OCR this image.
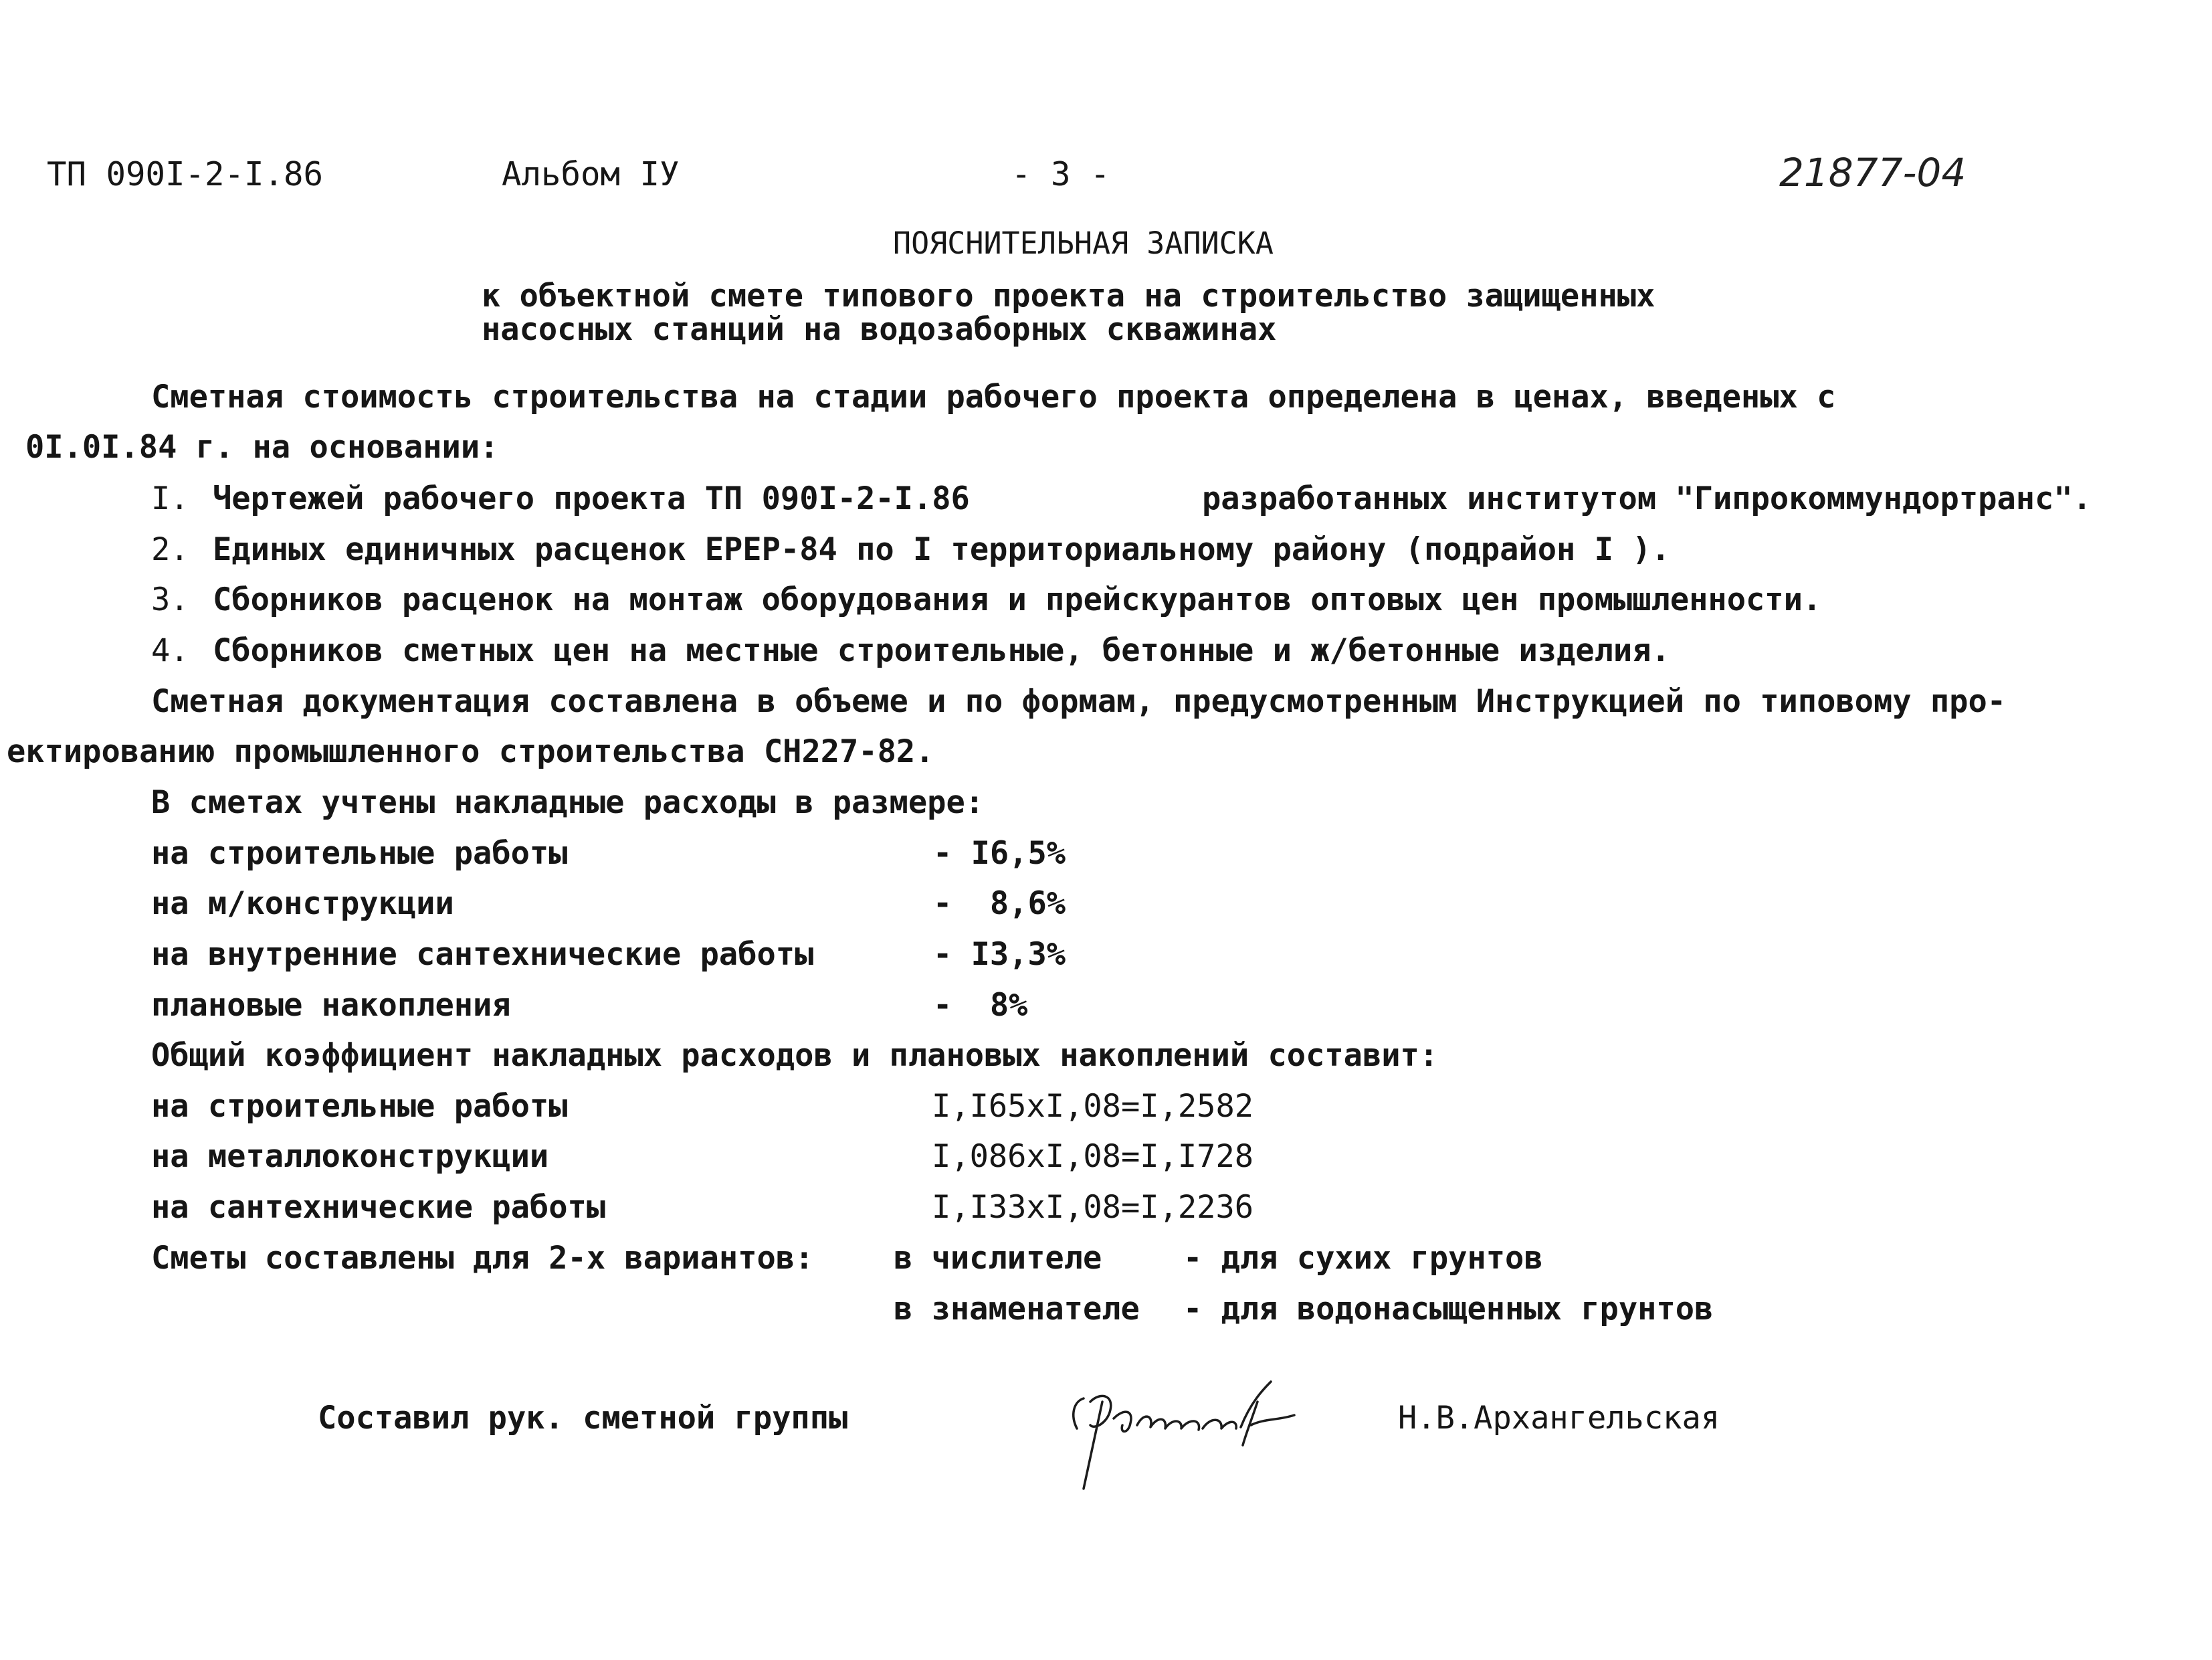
ТП 090I-2-I.86	Альбом IУ	- 3 -	21877-04
ПОЯСНИТЕЛЬНАЯ ЗАПИСКА
к объектной смете типового проекта на строительство защищенных
насосных станций на водозаборных скважинах
Сметная стоимость строительства на стадии рабочего проекта определена в ценах, введеных с
0I.0I.84 г. на основании:
I. Чертежей рабочего проекта ТП 090I-2-I.86	разработанных институтом "Гипрокоммундортранс".
2. Единых единичных расценок ЕРЕР-84 по I территориальному району (подрайон I ).
3. Сборников расценок на монтаж оборудования и прейскурантов оптовых цен промышленности.
4. Сборников сметных цен на местные строительные, бетонные и ж/бетонные изделия.
Сметная документация составлена в объеме и по формам, предусмотренным Инструкцией по типовому про-
ектированию промышленного строительства СН227-82.
В сметах учтены накладные расходы в размере:
на строительные работы	- I6,5%
на м/конструкции	-  8,6%
на внутренние сантехнические работы	- I3,3%
плановые накопления	-  8%
Общий коэффициент накладных расходов и плановых накоплений составит:
на строительные работы	I,I65хI,08=I,2582
на металлоконструкции	I,086хI,08=I,I728
на сантехнические работы	I,I33хI,08=I,2236
Сметы составлены для 2-х вариантов:	в числителе	- для сухих грунтов
в знаменателе - для водонасыщенных грунтов
Составил рук. сметной группы	Н.В.Архангельская
